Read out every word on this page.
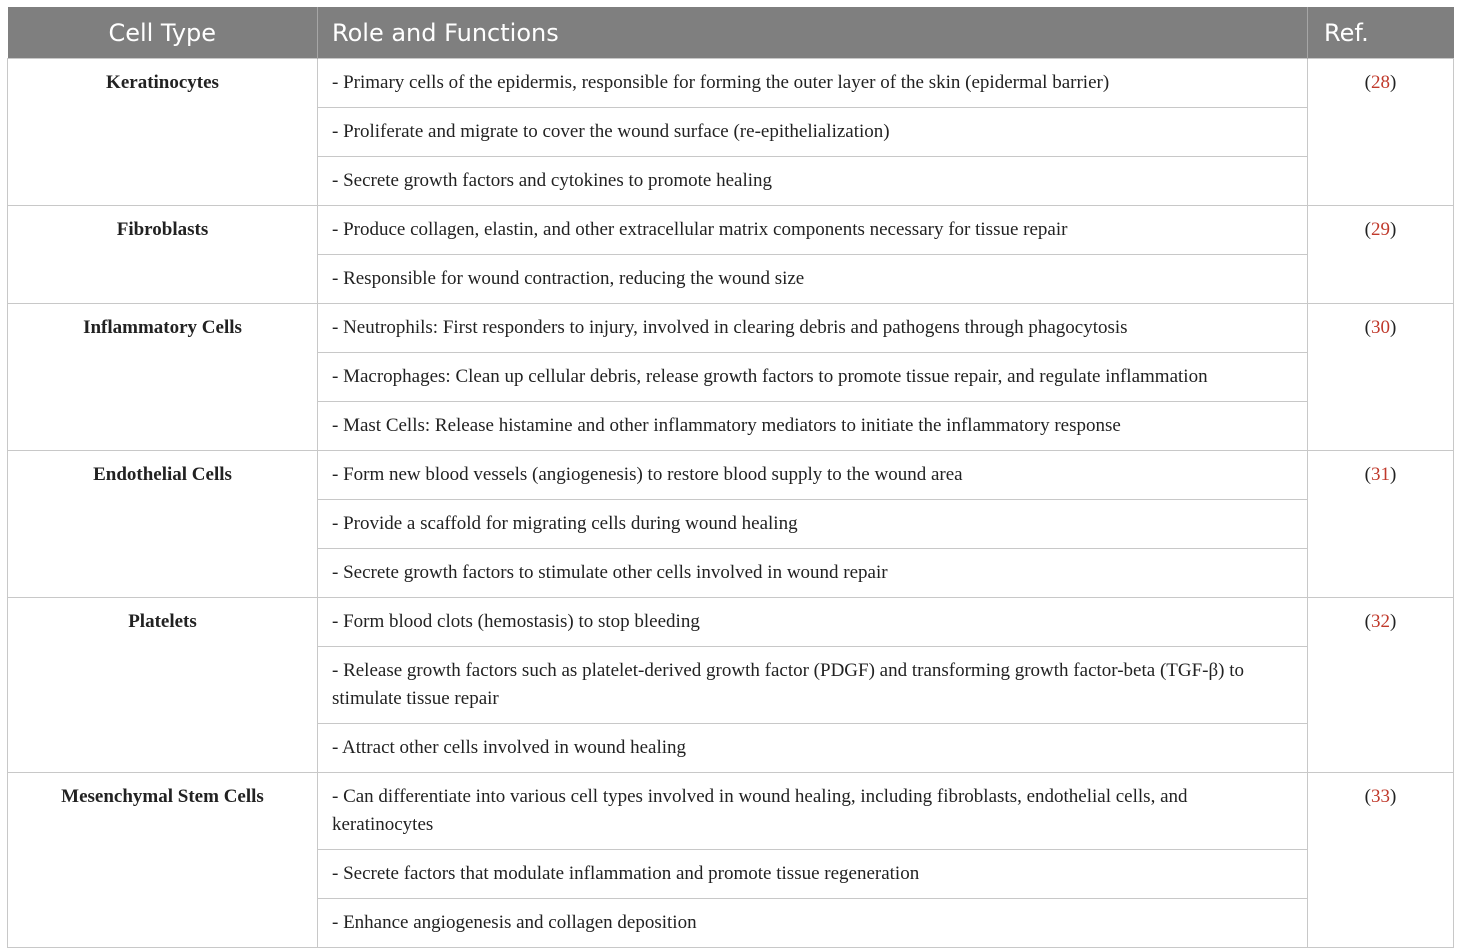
Cell Type	Role and Functions	Ref.
Keratinocytes	- Primary cells of the epidermis, responsible for forming the outer layer of the skin (epidermal barrier)	(28)
	- Proliferate and migrate to cover the wound surface (re-epithelialization)	
	- Secrete growth factors and cytokines to promote healing	
Fibroblasts	- Produce collagen, elastin, and other extracellular matrix components necessary for tissue repair	(29)
	- Responsible for wound contraction, reducing the wound size	
Inflammatory Cells	- Neutrophils: First responders to injury, involved in clearing debris and pathogens through phagocytosis	(30)
	- Macrophages: Clean up cellular debris, release growth factors to promote tissue repair, and regulate inflammation	
	- Mast Cells: Release histamine and other inflammatory mediators to initiate the inflammatory response	
Endothelial Cells	- Form new blood vessels (angiogenesis) to restore blood supply to the wound area	(31)
	- Provide a scaffold for migrating cells during wound healing	
	- Secrete growth factors to stimulate other cells involved in wound repair	
Platelets	- Form blood clots (hemostasis) to stop bleeding	(32)
	- Release growth factors such as platelet-derived growth factor (PDGF) and transforming growth factor-beta (TGF-β) to stimulate tissue repair	
	- Attract other cells involved in wound healing	
Mesenchymal Stem Cells	- Can differentiate into various cell types involved in wound healing, including fibroblasts, endothelial cells, and keratinocytes	(33)
	- Secrete factors that modulate inflammation and promote tissue regeneration	
	- Enhance angiogenesis and collagen deposition	
